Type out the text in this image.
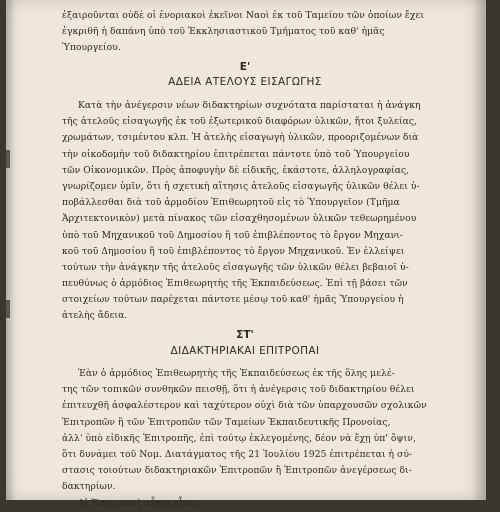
ἐξαιροῦνται οὐδὲ οἱ ἐνοριακοὶ ἐκεῖνοι Ναοὶ ἐκ τοῦ Ταμείου τῶν ὁποίων ἔχει
ἐγκριθῆ ἡ δαπάνη ὑπὸ τοῦ Ἐκκλησιαστικοῦ Τμήματος τοῦ καθ' ἡμᾶς
Ὑπουργείου.
Ε'
ΑΔΕΙΑ ΑΤΕΛΟΥΣ ΕΙΣΑΓΩΓΗΣ
Κατὰ τὴν ἀνέγερσιν νέων διδακτηρίων συχνότατα παρίσταται ἡ ἀνάγκη
τῆς ἀτελοῦς εἰσαγωγῆς ἐκ τοῦ ἐξωτερικοῦ διαφόρων ὑλικῶν, ἤτοι ξυλείας,
χρωμάτων, τσιμέντου κλπ. Ἡ ἀτελὴς εἰσαγωγὴ ὑλικῶν, προοριζομένων διὰ
τὴν οἰκοδομὴν τοῦ διδακτηρίου ἐπιτρέπεται πάντοτε ὑπὸ τοῦ Ὑπουργείου
τῶν Οἰκονομικῶν. Πρὸς ἀποφυγὴν δὲ εἰδικῆς, ἑκάστοτε, ἀλληλογραφίας,
γνωρίζομεν ὑμῖν, ὅτι ἡ σχετικὴ αἴτησις ἀτελοῦς εἰσαγωγῆς ὑλικῶν θέλει ὑ-
ποβάλλεσθαι διὰ τοῦ ἁρμοδίου Ἐπιθεωρητοῦ εἰς τὸ Ὑπουργεῖον (Τμῆμα
Ἀρχιτεκτονικὸν) μετὰ πίνακος τῶν εἰσαχθησομένων ὑλικῶν τεθεωρημένου
ὑπὸ τοῦ Μηχανικοῦ τοῦ Δημοσίου ἢ τοῦ ἐπιβλέποντος τὸ ἔργον Μηχανι-
κοῦ τοῦ Δημοσίου ἢ τοῦ ἐπιβλέποντος τὸ ἔργον Μηχανικοῦ. Ἐν ἐλλείψει
τούτων τὴν ἀνάγκην τῆς ἀτελοῦς εἰσαγωγῆς τῶν ὑλικῶν θέλει βεβαιοῖ ὑ-
πευθύνως ὁ ἁρμόδιος Ἐπιθεωρητὴς τῆς Ἐκπαιδεύσεως. Ἐπὶ τῇ βάσει τῶν
στοιχείων τούτων παρέχεται πάντοτε μέσῳ τοῦ καθ' ἡμᾶς Ὑπουργείου ἡ
ἀτελὴς ἄδεια.
ΣΤ'
ΔΙΔΑΚΤΗΡΙΑΚΑΙ ΕΠΙΤΡΟΠΑΙ
Ἐὰν ὁ ἁρμόδιος Ἐπιθεωρητὴς τῆς Ἐκπαιδεύσεως ἐκ τῆς ὅλης μελέ-
της τῶν τοπικῶν συνθηκῶν πεισθῇ, ὅτι ἡ ἀνέγερσις τοῦ διδακτηρίου θέλει
ἐπιτευχθῆ ἀσφαλέστερον καὶ ταχύτερον οὐχὶ διὰ τῶν ὑπαρχουσῶν σχολικῶν
Ἐπιτροπῶν ἢ τῶν Ἐπιτροπῶν τῶν Ταμείων Ἐκπαιδευτικῆς Προνοίας,
ἀλλ' ὑπὸ εἰδικῆς Ἐπιτροπῆς, ἐπὶ τούτῳ ἐκλεγομένης, δέον νὰ ἔχῃ ὑπ' ὄψιν,
ὅτι δυνάμει τοῦ Νομ. Διατάγματος τῆς 21 Ἰουλίου 1925 ἐπιτρέπεται ἡ σύ-
στασις τοιούτων διδακτηριακῶν Ἐπιτροπῶν ἢ Ἐπιτροπῶν ἀνεγέρσεως δι-
δακτηρίων.
Αἱ Ἐπιτροπαὶ αὗται εἶναι ...
